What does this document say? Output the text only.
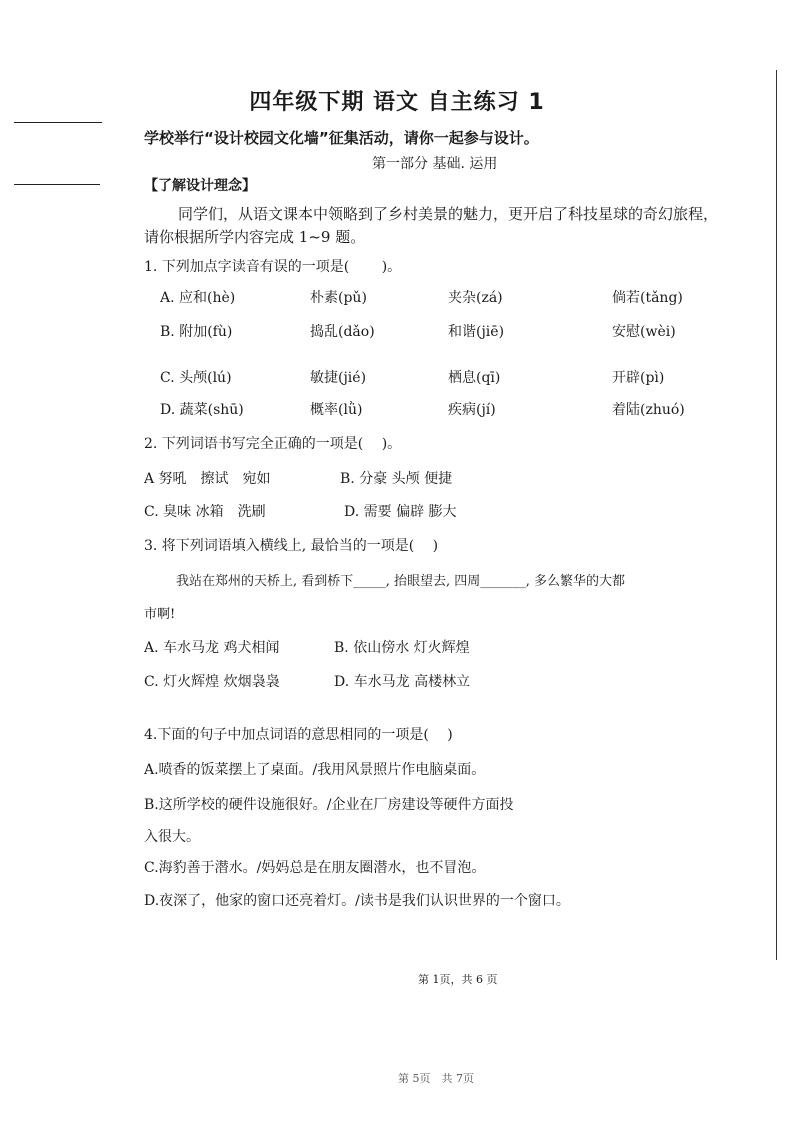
四年级下期 语文 自主练习 1
学校举行“设计校园文化墙”征集活动，请你一起参与设计。
第一部分 基础. 运用
【了解设计理念】
同学们，从语文课本中领略到了乡村美景的魅力，更开启了科技星球的奇幻旅程，
请你根据所学内容完成 1~9 题。
1. 下列加点字读音有误的一项是(　　 )。
A. 应和(hè)	朴素(pǔ)	夹杂(zá)	倘若(tǎng)
B. 附加(fù)	捣乱(dǎo)	和谐(jiē)	安慰(wèi)
C. 头颅(lú)	敏捷(jié)	栖息(qī)	开辟(pì)
D. 蔬菜(shū)	概率(lǜ)	疾病(jí)	着陆(zhuó)
2. 下列词语书写完全正确的一项是(　 )。
A 努吼　擦试　宛如	B. 分豪 头颅 便捷
C. 臭味 冰箱　洗刷	D. 需要 偏辟 膨大
3. 将下列词语填入横线上, 最恰当的一项是(　 )
我站在郑州的天桥上, 看到桥下_____, 抬眼望去, 四周_______, 多么繁华的大都
市啊!
A. 车水马龙 鸡犬相闻	B. 依山傍水 灯火辉煌
C. 灯火辉煌 炊烟袅袅	D. 车水马龙 高楼林立
4.下面的句子中加点词语的意思相同的一项是(　 )
A.喷香的饭菜摆上了桌面。/我用风景照片作电脑桌面。
B.这所学校的硬件设施很好。/企业在厂房建设等硬件方面投
入很大。
C.海豹善于潜水。/妈妈总是在朋友圈潜水，也不冒泡。
D.夜深了，他家的窗口还亮着灯。/读书是我们认识世界的一个窗口。
第 1页，共 6 页
第 5页　共 7页
